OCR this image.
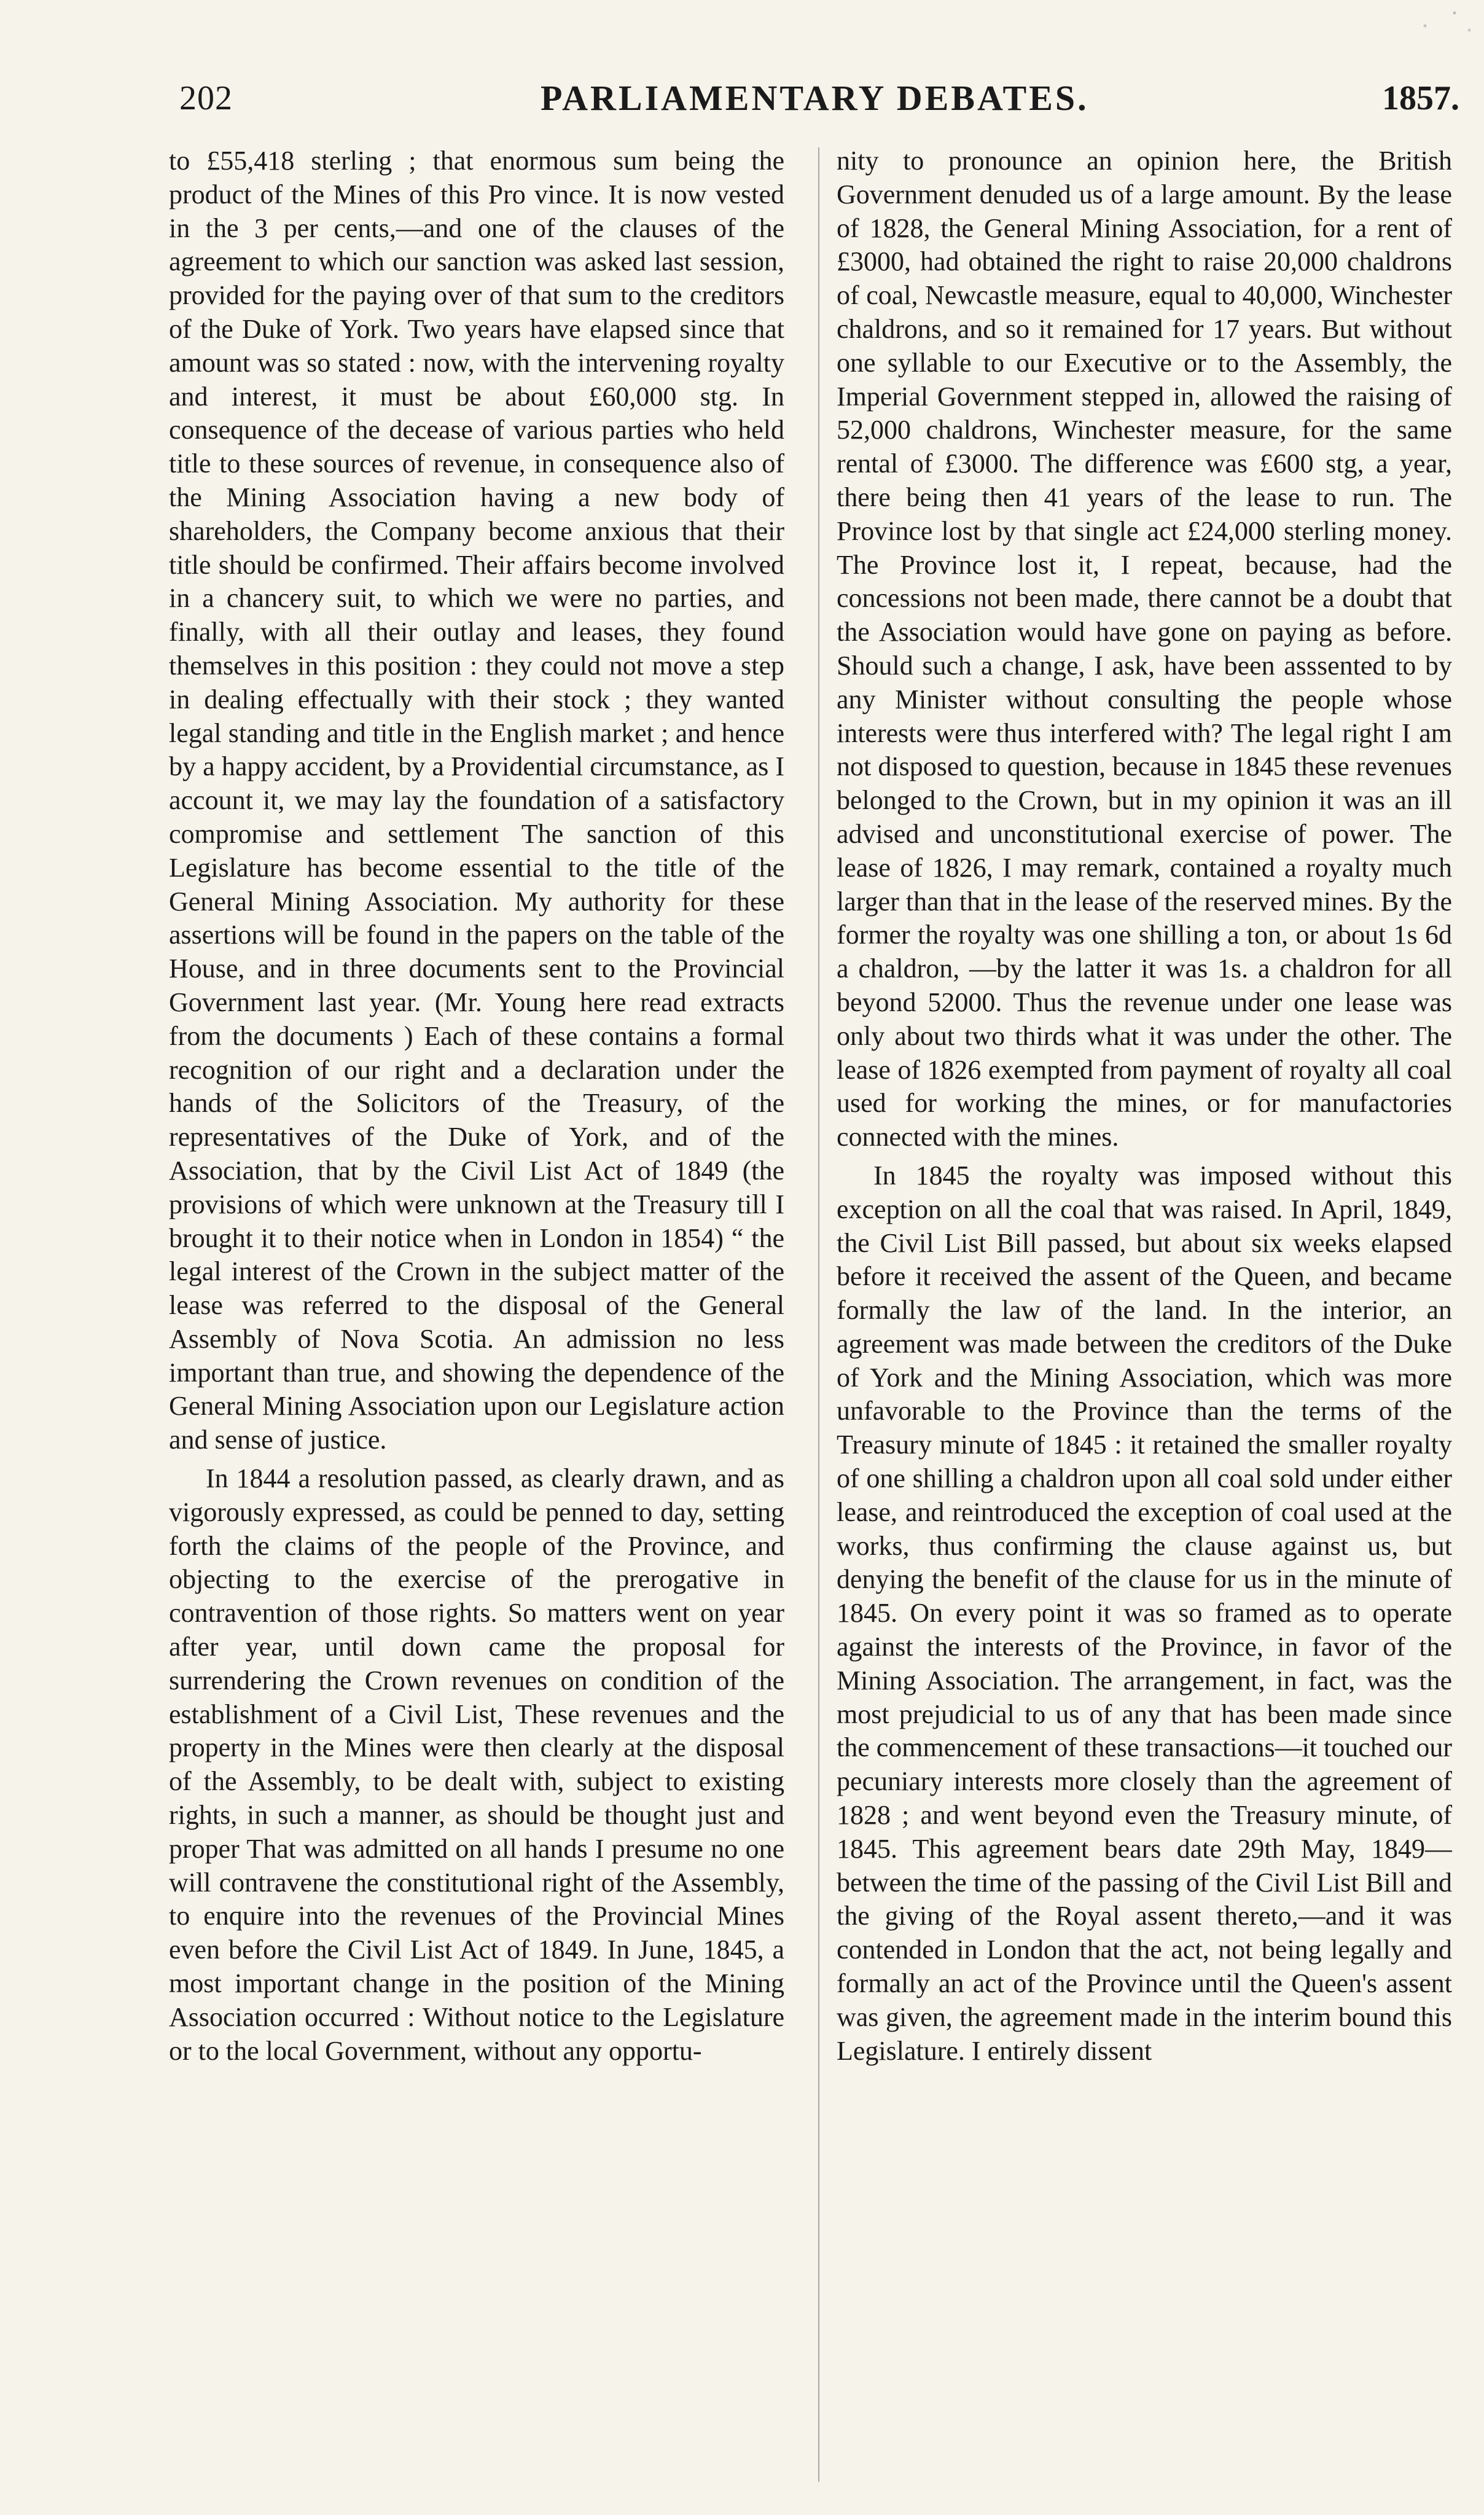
202	PARLIAMENTARY DEBATES.	1857.

to £55,418 sterling ; that enormous sum being the product of the Mines of this Pro vince. It is now vested in the 3 per cents,—and one of the clauses of the agreement to which our sanction was asked last session, provided for the paying over of that sum to the creditors of the Duke of York. Two years have elapsed since that amount was so stated : now, with the intervening royalty and interest, it must be about £60,000 stg. In consequence of the decease of various parties who held title to these sources of revenue, in consequence also of the Mining Association having a new body of shareholders, the Company become anxious that their title should be confirmed. Their affairs become involved in a chancery suit, to which we were no parties, and finally, with all their outlay and leases, they found themselves in this position : they could not move a step in dealing effectually with their stock ; they wanted legal standing and title in the English market ; and hence by a happy accident, by a Providential circumstance, as I account it, we may lay the foundation of a satisfactory compromise and settlement The sanction of this Legislature has become essential to the title of the General Mining Association. My authority for these assertions will be found in the papers on the table of the House, and in three documents sent to the Provincial Government last year. (Mr. Young here read extracts from the documents ) Each of these contains a formal recognition of our right and a declaration under the hands of the Solicitors of the Treasury, of the representatives of the Duke of York, and of the Association, that by the Civil List Act of 1849 (the provisions of which were unknown at the Treasury till I brought it to their notice when in London in 1854) “ the legal interest of the Crown in the subject matter of the lease was referred to the disposal of the General Assembly of Nova Scotia. An admission no less important than true, and showing the dependence of the General Mining Association upon our Legislature action and sense of justice.

In 1844 a resolution passed, as clearly drawn, and as vigorously expressed, as could be penned to day, setting forth the claims of the people of the Province, and objecting to the exercise of the prerogative in contravention of those rights. So matters went on year after year, until down came the proposal for surrendering the Crown revenues on condition of the establishment of a Civil List, These revenues and the property in the Mines were then clearly at the disposal of the Assembly, to be dealt with, subject to existing rights, in such a manner, as should be thought just and proper That was admitted on all hands I presume no one will contravene the constitutional right of the Assembly, to enquire into the revenues of the Provincial Mines even before the Civil List Act of 1849. In June, 1845, a most important change in the position of the Mining Association occurred : Without notice to the Legislature or to the local Government, without any opportu-

nity to pronounce an opinion here, the British Government denuded us of a large amount. By the lease of 1828, the General Mining Association, for a rent of £3000, had obtained the right to raise 20,000 chaldrons of coal, Newcastle measure, equal to 40,000, Winchester chaldrons, and so it remained for 17 years. But without one syllable to our Executive or to the Assembly, the Imperial Government stepped in, allowed the raising of 52,000 chaldrons, Winchester measure, for the same rental of £3000. The difference was £600 stg, a year, there being then 41 years of the lease to run. The Province lost by that single act £24,000 sterling money. The Province lost it, I repeat, because, had the concessions not been made, there cannot be a doubt that the Association would have gone on paying as before. Should such a change, I ask, have been asssented to by any Minister without consulting the people whose interests were thus interfered with? The legal right I am not disposed to question, because in 1845 these revenues belonged to the Crown, but in my opinion it was an ill advised and unconstitutional exercise of power. The lease of 1826, I may remark, contained a royalty much larger than that in the lease of the reserved mines. By the former the royalty was one shilling a ton, or about 1s 6d a chaldron, —by the latter it was 1s. a chaldron for all beyond 52000. Thus the revenue under one lease was only about two thirds what it was under the other. The lease of 1826 exempted from payment of royalty all coal used for working the mines, or for manufactories connected with the mines.

In 1845 the royalty was imposed without this exception on all the coal that was raised. In April, 1849, the Civil List Bill passed, but about six weeks elapsed before it received the assent of the Queen, and became formally the law of the land. In the interior, an agreement was made between the creditors of the Duke of York and the Mining Association, which was more unfavorable to the Province than the terms of the Treasury minute of 1845 : it retained the smaller royalty of one shilling a chaldron upon all coal sold under either lease, and reintroduced the exception of coal used at the works, thus confirming the clause against us, but denying the benefit of the clause for us in the minute of 1845. On every point it was so framed as to operate against the interests of the Province, in favor of the Mining Association. The arrangement, in fact, was the most prejudicial to us of any that has been made since the commencement of these transactions—it touched our pecuniary interests more closely than the agreement of 1828 ; and went beyond even the Treasury minute, of 1845. This agreement bears date 29th May, 1849—between the time of the passing of the Civil List Bill and the giving of the Royal assent thereto,—and it was contended in London that the act, not being legally and formally an act of the Province until the Queen's assent was given, the agreement made in the interim bound this Legislature. I entirely dissent
